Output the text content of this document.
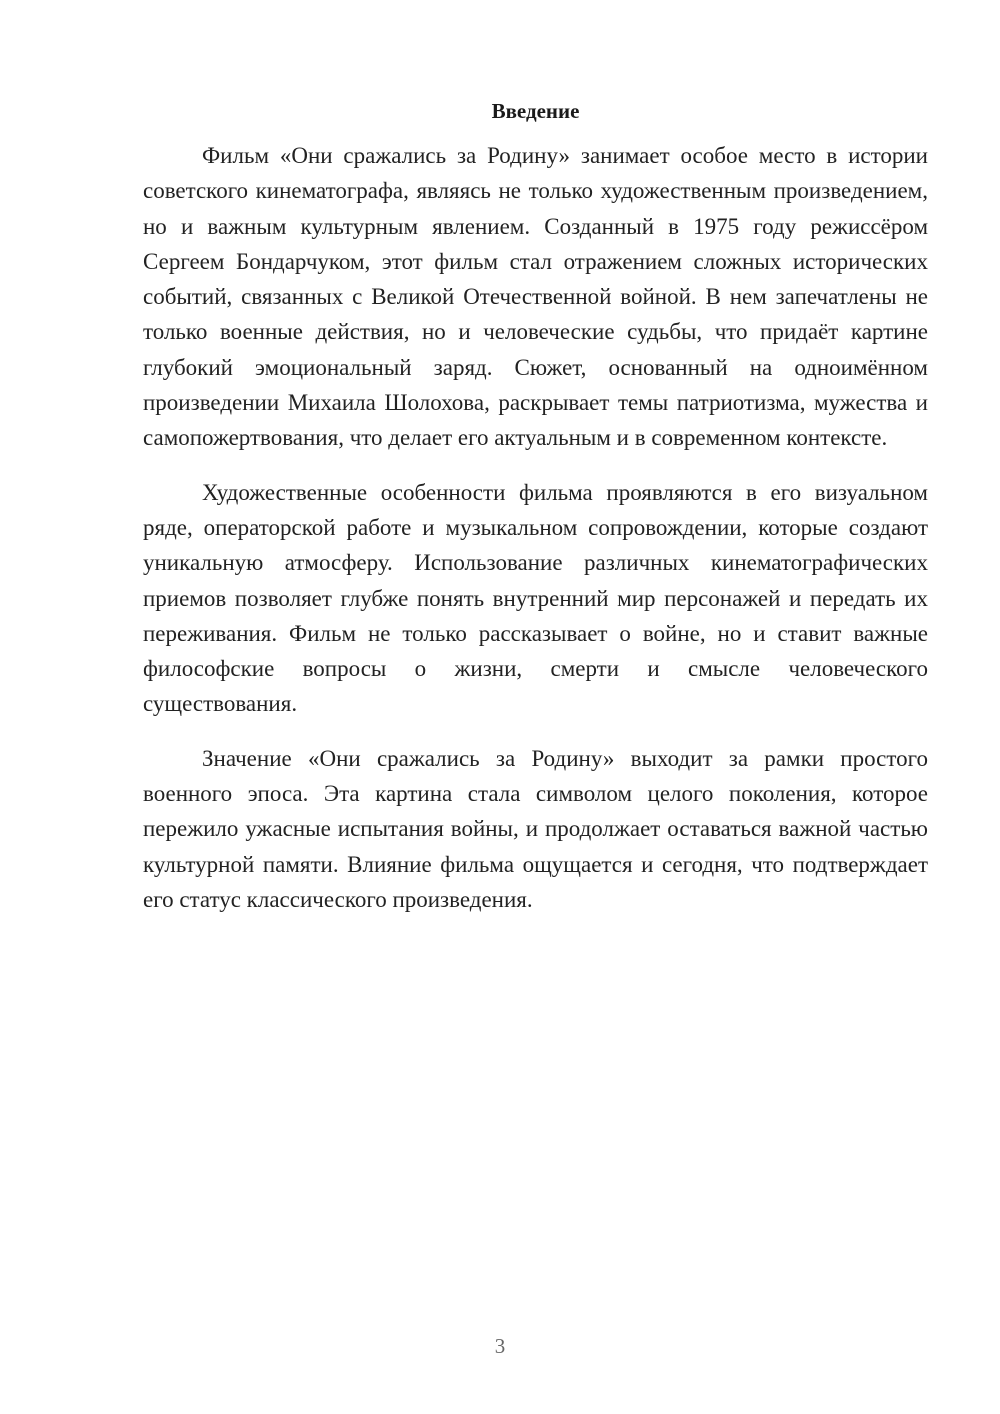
Введение

Фильм «Они сражались за Родину» занимает особое место в истории советского кинематографа, являясь не только художественным произведением, но и важным культурным явлением. Созданный в 1975 году режиссёром Сергеем Бондарчуком, этот фильм стал отражением сложных исторических событий, связанных с Великой Отечественной войной. В нем запечатлены не только военные действия, но и человеческие судьбы, что придаёт картине глубокий эмоциональный заряд. Сюжет, основанный на одноимённом произведении Михаила Шолохова, раскрывает темы патриотизма, мужества и самопожертвования, что делает его актуальным и в современном контексте.

Художественные особенности фильма проявляются в его визуальном ряде, операторской работе и музыкальном сопровождении, которые создают уникальную атмосферу. Использование различных кинематографических приемов позволяет глубже понять внутренний мир персонажей и передать их переживания. Фильм не только рассказывает о войне, но и ставит важные философские вопросы о жизни, смерти и смысле человеческого существования.

Значение «Они сражались за Родину» выходит за рамки простого военного эпоса. Эта картина стала символом целого поколения, которое пережило ужасные испытания войны, и продолжает оставаться важной частью культурной памяти. Влияние фильма ощущается и сегодня, что подтверждает его статус классического произведения.

3
